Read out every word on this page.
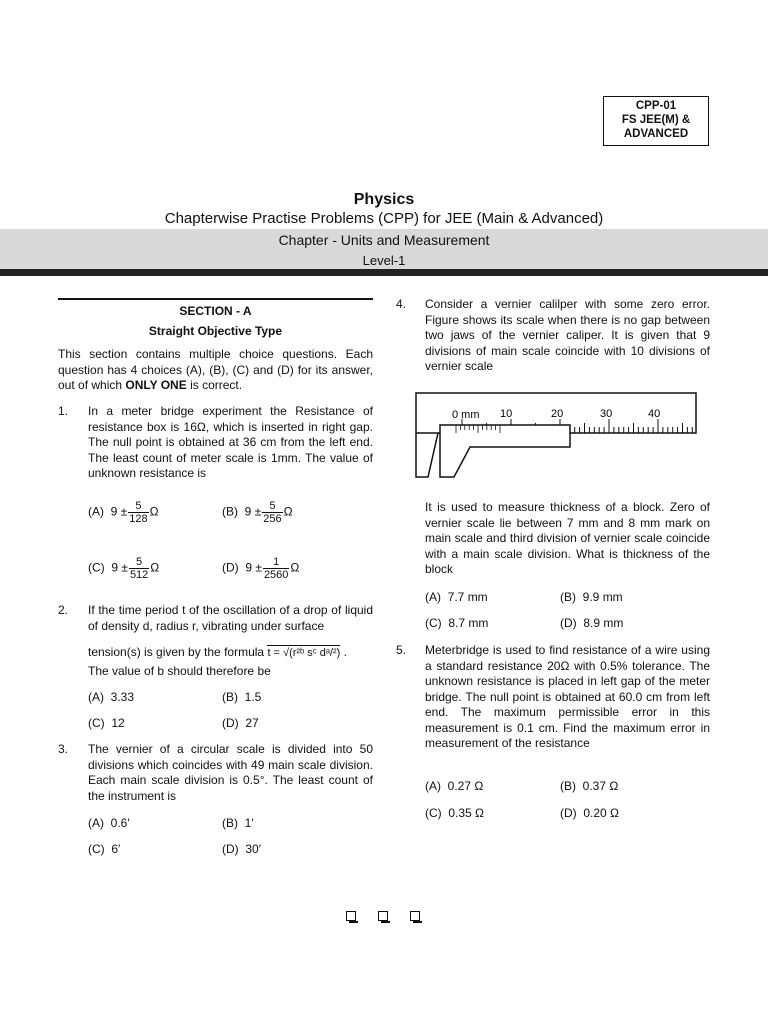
CPP-01
FS JEE(M) &
ADVANCED
Physics
Chapterwise Practise Problems (CPP) for JEE (Main & Advanced)
Chapter - Units and Measurement
Level-1
SECTION - A
Straight Objective Type
This section contains multiple choice questions. Each question has 4 choices (A), (B), (C) and (D) for its answer, out of which ONLY ONE is correct.
1. In a meter bridge experiment the Resistance of resistance box is 16Ω, which is inserted in right gap. The null point is obtained at 36 cm from the left end. The least count of meter scale is 1mm. The value of unknown resistance is
(A) $9 \pm \frac{5}{128}$ Ω	(B) $9 \pm \frac{5}{256}$ Ω
(C) $9 \pm \frac{5}{512}$ Ω	(D) $9 \pm \frac{1}{2560}$ Ω
2. If the time period t of the oscillation of a drop of liquid of density d, radius r, vibrating under surface
tension(s) is given by the formula t = √(r²ᵇ sᶜ dᵃ/²) .
The value of b should therefore be
(A) 3.33	(B) 1.5
(C) 12	(D) 27
3. The vernier of a circular scale is divided into 50 divisions which coincides with 49 main scale division. Each main scale division is 0.5°. The least count of the instrument is
(A) 0.6′	(B) 1′
(C) 6′	(D) 30′
4. Consider a vernier calilper with some zero error. Figure shows its scale when there is no gap between two jaws of the vernier caliper. It is given that 9 divisions of main scale coincide with 10 divisions of vernier scale
0 mm 10	20	30	40
It is used to measure thickness of a block. Zero of vernier scale lie between 7 mm and 8 mm mark on main scale and third division of vernier scale coincide with a main scale division. What is thickness of the block
(A) 7.7 mm	(B) 9.9 mm
(C) 8.7 mm	(D) 8.9 mm
5. Meterbridge is used to find resistance of a wire using a standard resistance 20Ω with 0.5% tolerance. The unknown resistance is placed in left gap of the meter bridge. The null point is obtained at 60.0 cm from left end. The maximum permissible error in this measurement is 0.1 cm. Find the maximum error in measurement of the resistance
(A) 0.27 Ω	(B) 0.37 Ω
(C) 0.35 Ω	(D) 0.20 Ω
